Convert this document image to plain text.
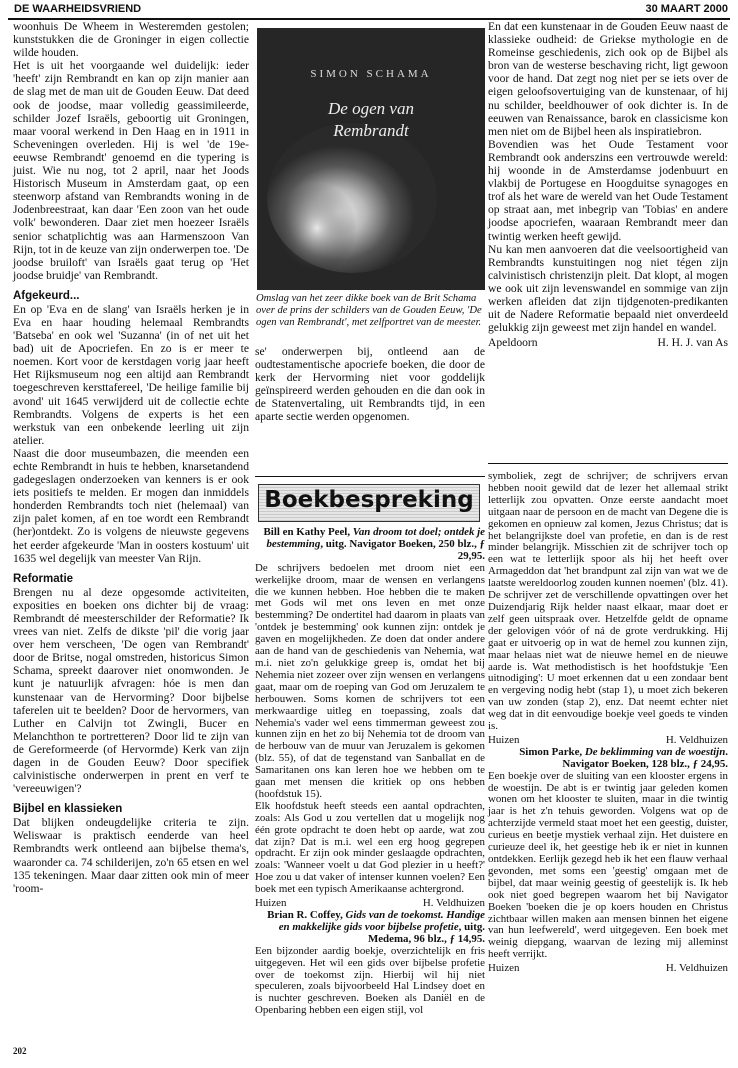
DE WAARHEIDSVRIEND	30 MAART 2000

woonhuis De Wheem in Westeremden gestolen; kunststukken die de Groninger in eigen collectie wilde houden.

Het is uit het voorgaande wel duidelijk: ieder 'heeft' zijn Rembrandt en kan op zijn manier aan de slag met de man uit de Gouden Eeuw. Dat deed ook de joodse, maar volledig geassimileerde, schilder Jozef Israëls, geboortig uit Groningen, maar vooral werkend in Den Haag en in 1911 in Scheveningen overleden. Hij is wel 'de 19e-eeuwse Rembrandt' genoemd en die typering is juist. Wie nu nog, tot 2 april, naar het Joods Historisch Museum in Amsterdam gaat, op een steenworp afstand van Rembrandts woning in de Jodenbreestraat, kan daar 'Een zoon van het oude volk' bewonderen. Daar ziet men hoezeer Israëls senior schatplichtig was aan Harmenszoon Van Rijn, tot in de keuze van zijn onderwerpen toe. 'De joodse bruiloft' van Israëls gaat terug op 'Het joodse bruidje' van Rembrandt.

Afgekeurd...

En op 'Eva en de slang' van Israëls herken je in Eva en haar houding helemaal Rembrandts 'Batseba' en ook wel 'Suzanna' (in of net uit het bad) uit de Apocriefen. En zo is er meer te noemen. Kort voor de kerstdagen vorig jaar heeft Het Rijksmuseum nog een altijd aan Rembrandt toegeschreven kersttafereel, 'De heilige familie bij avond' uit 1645 verwijderd uit de collectie echte Rembrandts. Volgens de experts is het een werkstuk van een onbekende leerling uit zijn atelier.

Naast die door museumbazen, die meenden een echte Rembrandt in huis te hebben, knarsetandend gadegeslagen onderzoeken van kenners is er ook iets positiefs te melden. Er mogen dan inmiddels honderden Rembrandts toch niet (helemaal) van zijn palet komen, af en toe wordt een Rembrandt (her)ontdekt. Zo is volgens de nieuwste gegevens het eerder afgekeurde 'Man in oosters kostuum' uit 1635 wel degelijk van meester Van Rijn.

Reformatie

Brengen nu al deze opgesomde activiteiten, exposities en boeken ons dichter bij de vraag: Rembrandt dé meesterschilder der Reformatie? Ik vrees van niet. Zelfs de dikste 'pil' die vorig jaar over hem verscheen, 'De ogen van Rembrandt' door de Britse, nogal omstreden, historicus Simon Schama, spreekt daarover niet onomwonden. Je kunt je natuurlijk afvragen: hóe is men dan kunstenaar van de Hervorming? Door bijbelse taferelen uit te beelden? Door de hervormers, van Luther en Calvijn tot Zwingli, Bucer en Melanchthon te portretteren? Door lid te zijn van de Gereformeerde (of Hervormde) Kerk van zijn dagen in de Gouden Eeuw? Door specifiek calvinistische onderwerpen in prent en verf te 'vereeuwigen'?

Bijbel en klassieken

Dat blijken ondeugdelijke criteria te zijn. Weliswaar is praktisch eenderde van heel Rembrandts werk ontleend aan bijbelse thema's, waaronder ca. 74 schilderijen, zo'n 65 etsen en wel 135 tekeningen. Maar daar zitten ook min of meer 'room-

SIMON SCHAMA
De ogen van
Rembrandt
Omslag van het zeer dikke boek van de Brit Schama over de prins der schilders van de Gouden Eeuw, 'De ogen van Rembrandt', met zelfportret van de meester.

se' onderwerpen bij, ontleend aan de oudtestamentische apocriefe boeken, die door de kerk der Hervorming niet voor goddelijk geïnspireerd werden gehouden en die dan ook in de Statenvertaling, uit Rembrandts tijd, in een aparte sectie werden opgenomen.

En dat een kunstenaar in de Gouden Eeuw naast de klassieke oudheid: de Griekse mythologie en de Romeinse geschiedenis, zich ook op de Bijbel als bron van de westerse beschaving richt, ligt gewoon voor de hand. Dat zegt nog niet per se iets over de eigen geloofsovertuiging van de kunstenaar, of hij nu schilder, beeldhouwer of ook dichter is. In de eeuwen van Renaissance, barok en classicisme kon men niet om de Bijbel heen als inspiratiebron.

Bovendien was het Oude Testament voor Rembrandt ook anderszins een vertrouwde wereld: hij woonde in de Amsterdamse jodenbuurt en vlakbij de Portugese en Hoogduitse synagoges en trof als het ware de wereld van het Oude Testament op straat aan, met inbegrip van 'Tobias' en andere joodse apocriefen, waaraan Rembrandt meer dan twintig werken heeft gewijd.

Nu kan men aanvoeren dat die veelsoortigheid van Rembrandts kunstuitingen nog niet tégen zijn calvinistisch christenzijn pleit. Dat klopt, al mogen we ook uit zijn levenswandel en sommige van zijn werken afleiden dat zijn tijdgenoten-predikanten uit de Nadere Reformatie bepaald niet onverdeeld gelukkig zijn geweest met zijn handel en wandel.

Apeldoorn	H. H. J. van As
Boekbespreking

Bill en Kathy Peel, Van droom tot doel; ontdek je bestemming, uitg. Navigator Boeken, 250 blz., ƒ 29,95.

De schrijvers bedoelen met droom niet een werkelijke droom, maar de wensen en verlangens die we kunnen hebben. Hoe hebben die te maken met Gods wil met ons leven en met onze bestemming? De ondertitel had daarom in plaats van 'ontdek je bestemming' ook kunnen zijn: ontdek je gaven en mogelijkheden. Ze doen dat onder andere aan de hand van de geschiedenis van Nehemia, wat m.i. niet zo'n gelukkige greep is, omdat het bij Nehemia niet zozeer over zijn wensen en verlangens gaat, maar om de roeping van God om Jeruzalem te herbouwen. Soms komen de schrijvers tot een merkwaardige uitleg en toepassing, zoals dat Nehemia's vader wel eens timmerman geweest zou kunnen zijn en het zo bij Nehemia tot de droom van de herbouw van de muur van Jeruzalem is gekomen (blz. 55), of dat de tegenstand van Sanballat en de Samaritanen ons kan leren hoe we hebben om te gaan met mensen die kritiek op ons hebben (hoofdstuk 15).

Elk hoofdstuk heeft steeds een aantal opdrachten, zoals: Als God u zou vertellen dat u mogelijk nog één grote opdracht te doen hebt op aarde, wat zou dat zijn? Dat is m.i. wel een erg hoog gegrepen opdracht. Er zijn ook minder geslaagde opdrachten, zoals: 'Wanneer voelt u dat God plezier in u heeft?' Hoe zou u dat vaker of intenser kunnen voelen? Een boek met een typisch Amerikaanse achtergrond.

Huizen	H. Veldhuizen

Brian R. Coffey, Gids van de toekomst. Handige en makkelijke gids voor bijbelse profetie, uitg. Medema, 96 blz., ƒ 14,95.

Een bijzonder aardig boekje, overzichtelijk en fris uitgegeven. Het wil een gids over bijbelse profetie over de toekomst zijn. Hierbij wil hij niet speculeren, zoals bijvoorbeeld Hal Lindsey doet en is nuchter geschreven. Boeken als Daniël en de Openbaring hebben een eigen stijl, vol

symboliek, zegt de schrijver; de schrijvers ervan hebben nooit gewild dat de lezer het allemaal strikt letterlijk zou opvatten. Onze eerste aandacht moet uitgaan naar de persoon en de macht van Degene die is gekomen en opnieuw zal komen, Jezus Christus; dat is het belangrijkste doel van profetie, en dan is de rest minder belangrijk. Misschien zit de schrijver toch op een wat te letterlijk spoor als hij het heeft over Armageddon dat 'het brandpunt zal zijn van wat we de laatste wereldoorlog zouden kunnen noemen' (blz. 41). De schrijver zet de verschillende opvattingen over het Duizendjarig Rijk helder naast elkaar, maar doet er zelf geen uitspraak over. Hetzelfde geldt de opname der gelovigen vóór of ná de grote verdrukking. Hij gaat er uitvoerig op in wat de hemel zou kunnen zijn, maar helaas niet wat de nieuwe hemel en de nieuwe aarde is. Wat methodistisch is het hoofdstukje 'Een uitnodiging': U moet erkennen dat u een zondaar bent en vergeving nodig hebt (stap 1), u moet zich bekeren van uw zonden (stap 2), enz. Dat neemt echter niet weg dat in dit eenvoudige boekje veel goeds te vinden is.

Huizen	H. Veldhuizen

Simon Parke, De beklimming van de woestijn. Navigator Boeken, 128 blz., ƒ 24,95.

Een boekje over de sluiting van een klooster ergens in de woestijn. De abt is er twintig jaar geleden komen wonen om het klooster te sluiten, maar in die twintig jaar is het z'n tehuis geworden. Volgens wat op de achterzijde vermeld staat moet het een geestig, duister, curieus en beetje mystiek verhaal zijn. Het duistere en curieuze deel ik, het geestige heb ik er niet in kunnen ontdekken. Eerlijk gezegd heb ik het een flauw verhaal gevonden, met soms een 'geestig' omgaan met de bijbel, dat maar weinig geestig of geestelijk is. Ik heb ook niet goed begrepen waarom het bij Navigator Boeken 'boeken die je op koers houden en Christus zichtbaar willen maken aan mensen binnen het eigene van hun leefwereld', werd uitgegeven. Een boek met weinig diepgang, waarvan de lezing mij alleminst heeft verrijkt.

Huizen	H. Veldhuizen
202
